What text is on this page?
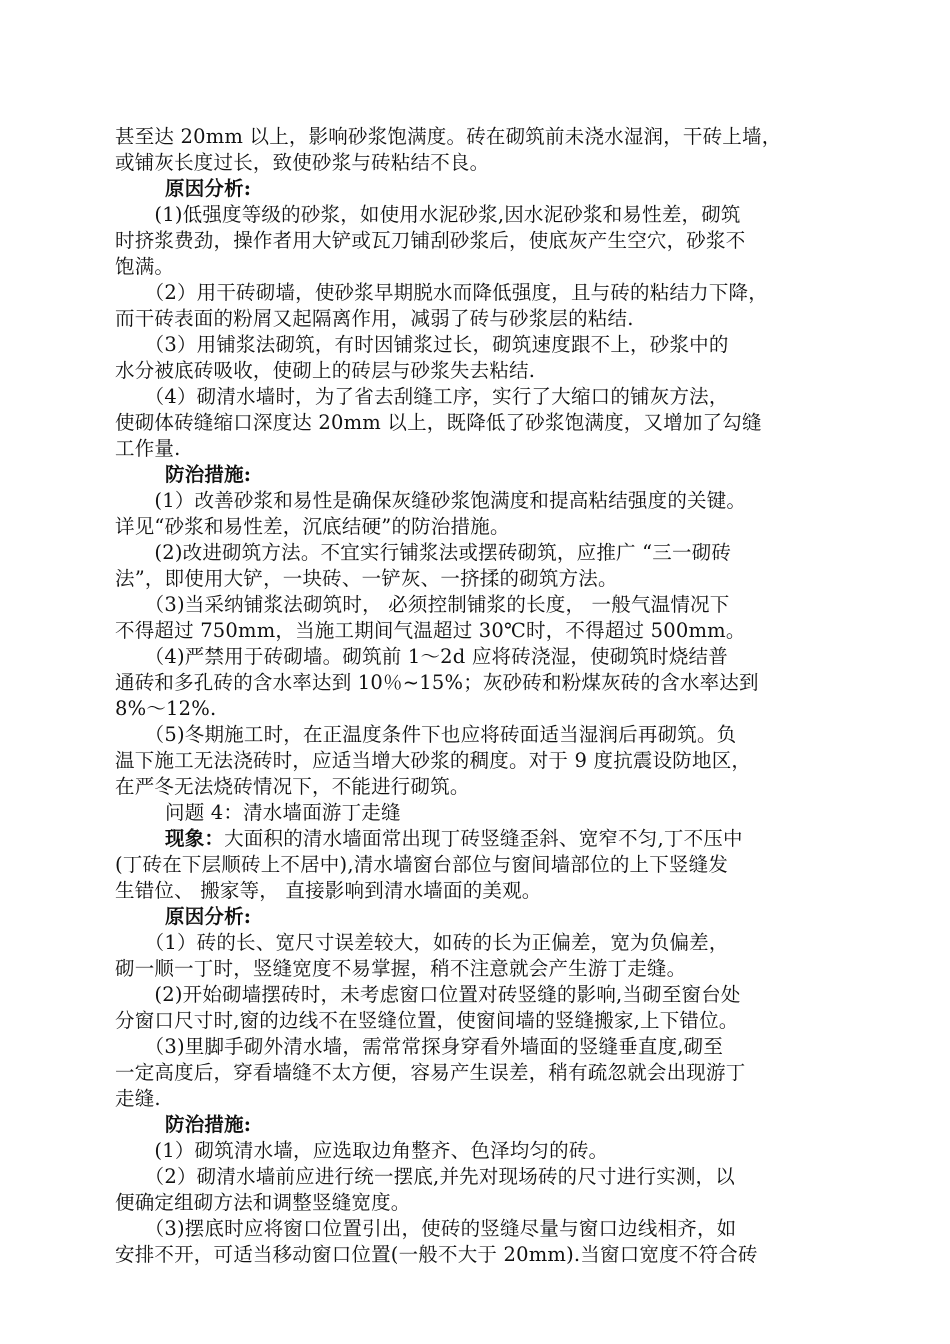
甚至达 20mm 以上，影响砂浆饱满度。砖在砌筑前未浇水湿润，干砖上墙，
或铺灰长度过长，致使砂浆与砖粘结不良。
原因分析:
　　(1)低强度等级的砂浆，如使用水泥砂浆,因水泥砂浆和易性差，砌筑
时挤浆费劲，操作者用大铲或瓦刀铺刮砂浆后，使底灰产生空穴，砂浆不
饱满。
　　（2）用干砖砌墙，使砂浆早期脱水而降低强度，且与砖的粘结力下降，
而干砖表面的粉屑又起隔离作用，减弱了砖与砂浆层的粘结.
　　（3）用铺浆法砌筑，有时因铺浆过长，砌筑速度跟不上，砂浆中的
水分被底砖吸收，使砌上的砖层与砂浆失去粘结.
　　（4）砌清水墙时，为了省去刮缝工序，实行了大缩口的铺灰方法，
使砌体砖缝缩口深度达 20mm 以上，既降低了砂浆饱满度，又增加了勾缝
工作量.
防治措施:
　　(1）改善砂浆和易性是确保灰缝砂浆饱满度和提高粘结强度的关键。
详见“砂浆和易性差，沉底结硬”的防治措施。
　　(2)改进砌筑方法。不宜实行铺浆法或摆砖砌筑，应推广 “三一砌砖
法”，即使用大铲，一块砖、一铲灰、一挤揉的砌筑方法。
　　（3)当采纳铺浆法砌筑时， 必须控制铺浆的长度， 一般气温情况下
不得超过 750mm，当施工期间气温超过 30℃时，不得超过 500mm。
　　（4)严禁用于砖砌墙。砌筑前 1～2d 应将砖浇湿，使砌筑时烧结普
通砖和多孔砖的含水率达到 10％~15%；灰砂砖和粉煤灰砖的含水率达到
8%～12%.
　　（5)冬期施工时，在正温度条件下也应将砖面适当湿润后再砌筑。负
温下施工无法浇砖时，应适当增大砂浆的稠度。对于 9 度抗震设防地区，
在严冬无法烧砖情况下，不能进行砌筑。
问题 4：清水墙面游丁走缝
现象：大面积的清水墙面常出现丁砖竖缝歪斜、宽窄不匀,丁不压中
(丁砖在下层顺砖上不居中),清水墙窗台部位与窗间墙部位的上下竖缝发
生错位、 搬家等， 直接影响到清水墙面的美观。
原因分析:
　　（1）砖的长、宽尺寸误差较大，如砖的长为正偏差，宽为负偏差，
砌一顺一丁时，竖缝宽度不易掌握，稍不注意就会产生游丁走缝。
　　(2)开始砌墙摆砖时，未考虑窗口位置对砖竖缝的影响,当砌至窗台处
分窗口尺寸时,窗的边线不在竖缝位置，使窗间墙的竖缝搬家,上下错位。
　　（3)里脚手砌外清水墙，需常常探身穿看外墙面的竖缝垂直度,砌至
一定高度后，穿看墙缝不太方便，容易产生误差，稍有疏忽就会出现游丁
走缝.
防治措施:
　　(1）砌筑清水墙，应选取边角整齐、色泽均匀的砖。
　　（2）砌清水墙前应进行统一摆底,并先对现场砖的尺寸进行实测，以
便确定组砌方法和调整竖缝宽度。
　　（3)摆底时应将窗口位置引出，使砖的竖缝尽量与窗口边线相齐，如
安排不开，可适当移动窗口位置(一般不大于 20mm).当窗口宽度不符合砖
